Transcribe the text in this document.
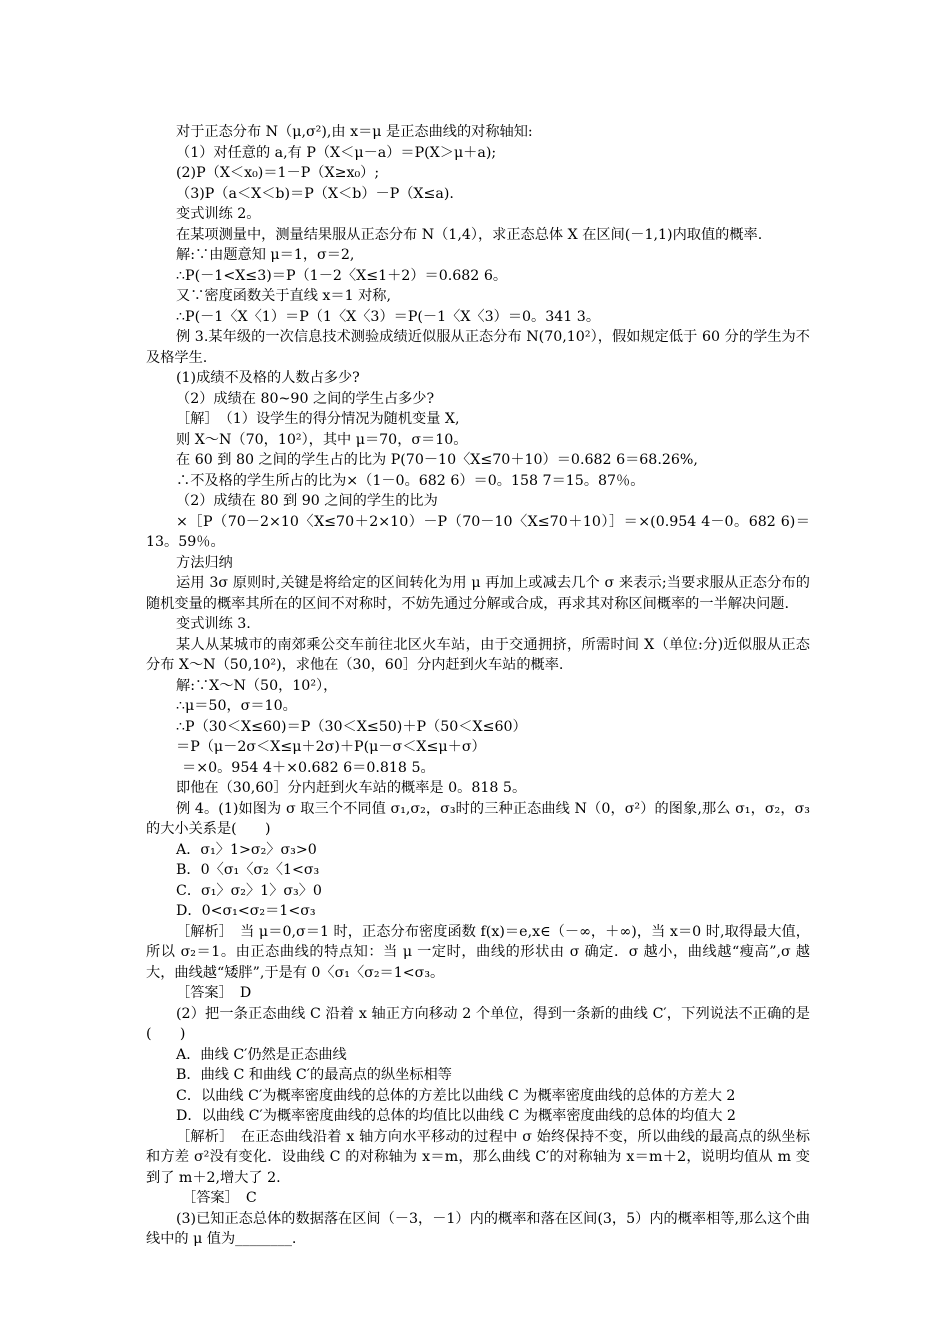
对于正态分布 N（μ,σ²),由 x＝μ 是正态曲线的对称轴知:
（1）对任意的 a,有 P（X＜μ－a）＝P(X＞μ＋a);
(2)P（X＜x₀)＝1－P（X≥x₀）;
（3)P（a＜X＜b)＝P（X＜b）－P（X≤a).
变式训练 2。
在某项测量中，测量结果服从正态分布 N（1,4），求正态总体 X 在区间(－1,1)内取值的概率.
解:∵由题意知 μ＝1，σ＝2,
∴P(－1<X≤3)＝P（1－2〈X≤1＋2）＝0.682 6。
又∵密度函数关于直线 x＝1 对称,
∴P(－1〈X〈1）＝P（1〈X〈3）＝P(－1〈X〈3）＝0。341 3。
例 3.某年级的一次信息技术测验成绩近似服从正态分布 N(70,10²），假如规定低于 60 分的学生为不及格学生.
(1)成绩不及格的人数占多少?
（2）成绩在 80~90 之间的学生占多少?
［解］　（1）设学生的得分情况为随机变量 X,
则 X～N（70，10²），其中 μ＝70，σ＝10。
在 60 到 80 之间的学生占的比为 P(70－10〈X≤70＋10）＝0.682 6＝68.26%,
∴不及格的学生所占的比为×（1－0。682 6）＝0。158 7＝15。87％。
（2）成绩在 80 到 90 之间的学生的比为
×［P（70－2×10〈X≤70＋2×10）－P（70－10〈X≤70＋10）］＝×(0.954 4－0。682 6)＝13。59％。
方法归纳
运用 3σ 原则时,关键是将给定的区间转化为用 μ 再加上或减去几个 σ 来表示;当要求服从正态分布的随机变量的概率其所在的区间不对称时，不妨先通过分解或合成，再求其对称区间概率的一半解决问题.
变式训练 3.
某人从某城市的南郊乘公交车前往北区火车站，由于交通拥挤，所需时间 X（单位:分)近似服从正态分布 X～N（50,10²)，求他在（30，60］分内赶到火车站的概率.
解:∵X～N（50，10²），
∴μ＝50，σ＝10。
∴P（30＜X≤60)＝P（30＜X≤50)＋P（50＜X≤60）
＝P（μ－2σ＜X≤μ＋2σ)＋P(μ－σ＜X≤μ＋σ）
＝×0。954 4＋×0.682 6＝0.818 5。
即他在（30,60］分内赶到火车站的概率是 0。818 5。
例 4。(1)如图为 σ 取三个不同值 σ₁,σ₂，σ₃时的三种正态曲线 N（0，σ²）的图象,那么 σ₁，σ₂，σ₃的大小关系是(　　)
A．σ₁〉1>σ₂〉σ₃>0
B．0〈σ₁〈σ₂〈1<σ₃
C．σ₁〉σ₂〉1〉σ₃〉0
D．0<σ₁<σ₂＝1<σ₃
［解析］　当 μ＝0,σ＝1 时，正态分布密度函数 f(x)＝e,x∈（－∞，＋∞)，当 x＝0 时,取得最大值，所以 σ₂＝1。由正态曲线的特点知：当 μ 一定时，曲线的形状由 σ 确定．σ 越小，曲线越“瘦高”,σ 越大，曲线越“矮胖”,于是有 0〈σ₁〈σ₂＝1<σ₃。
［答案］　D
(2）把一条正态曲线 C 沿着 x 轴正方向移动 2 个单位，得到一条新的曲线 C′，下列说法不正确的是(　　)
A．曲线 C′仍然是正态曲线
B．曲线 C 和曲线 C′的最高点的纵坐标相等
C．以曲线 C′为概率密度曲线的总体的方差比以曲线 C 为概率密度曲线的总体的方差大 2
D．以曲线 C′为概率密度曲线的总体的均值比以曲线 C 为概率密度曲线的总体的均值大 2
［解析］　在正态曲线沿着 x 轴方向水平移动的过程中 σ 始终保持不变，所以曲线的最高点的纵坐标和方差 σ²没有变化．设曲线 C 的对称轴为 x＝m，那么曲线 C′的对称轴为 x＝m＋2，说明均值从 m 变到了 m＋2,增大了 2.
［答案］　C
(3)已知正态总体的数据落在区间（－3，－1）内的概率和落在区间(3，5）内的概率相等,那么这个曲线中的 μ 值为________.
